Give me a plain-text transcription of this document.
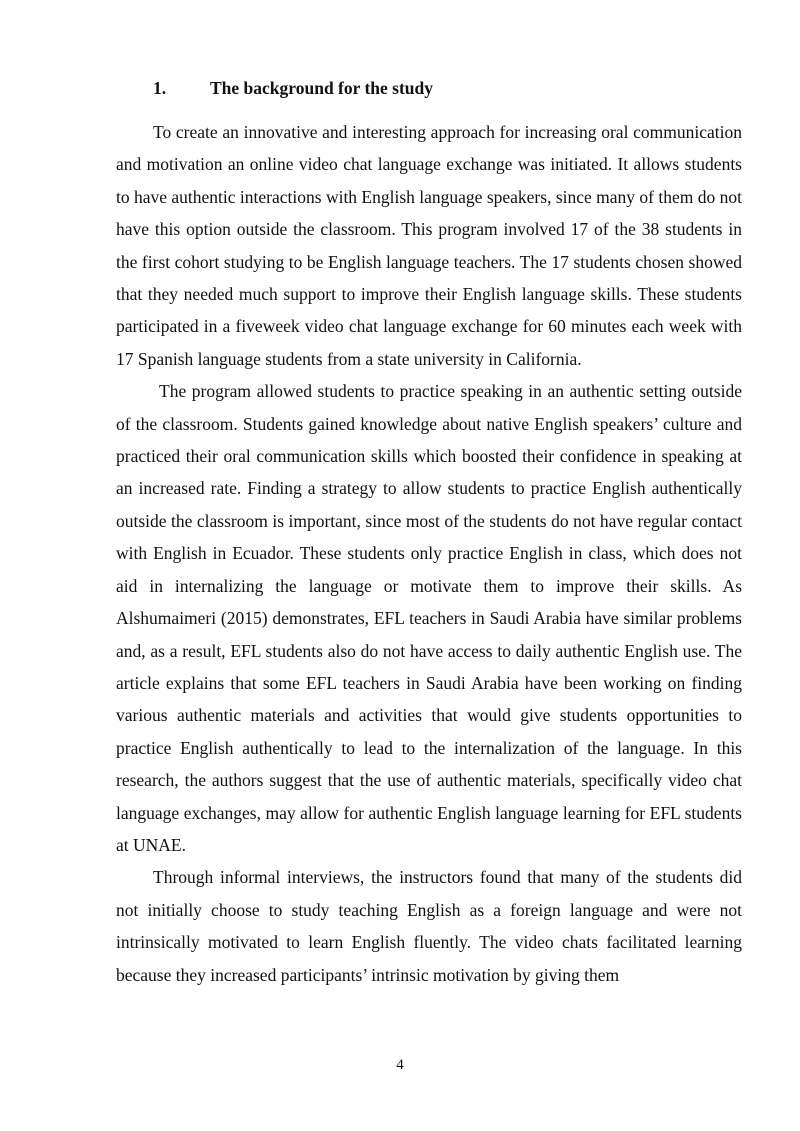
1.	The background for the study

To create an innovative and interesting approach for increasing oral communication and motivation an online video chat language exchange was initiated. It allows students to have authentic interactions with English language speakers, since many of them do not have this option outside the classroom. This program involved 17 of the 38 students in the first cohort studying to be English language teachers. The 17 students chosen showed that they needed much support to improve their English language skills. These students participated in a fiveweek video chat language exchange for 60 minutes each week with 17 Spanish language students from a state university in California.

The program allowed students to practice speaking in an authentic setting outside of the classroom. Students gained knowledge about native English speakers’ culture and practiced their oral communication skills which boosted their confidence in speaking at an increased rate. Finding a strategy to allow students to practice English authentically outside the classroom is important, since most of the students do not have regular contact with English in Ecuador. These students only practice English in class, which does not aid in internalizing the language or motivate them to improve their skills. As Alshumaimeri (2015) demonstrates, EFL teachers in Saudi Arabia have similar problems and, as a result, EFL students also do not have access to daily authentic English use. The article explains that some EFL teachers in Saudi Arabia have been working on finding various authentic materials and activities that would give students opportunities to practice English authentically to lead to the internalization of the language. In this research, the authors suggest that the use of authentic materials, specifically video chat language exchanges, may allow for authentic English language learning for EFL students at UNAE.

Through informal interviews, the instructors found that many of the students did not initially choose to study teaching English as a foreign language and were not intrinsically motivated to learn English fluently. The video chats facilitated learning because they increased participants’ intrinsic motivation by giving them

4
